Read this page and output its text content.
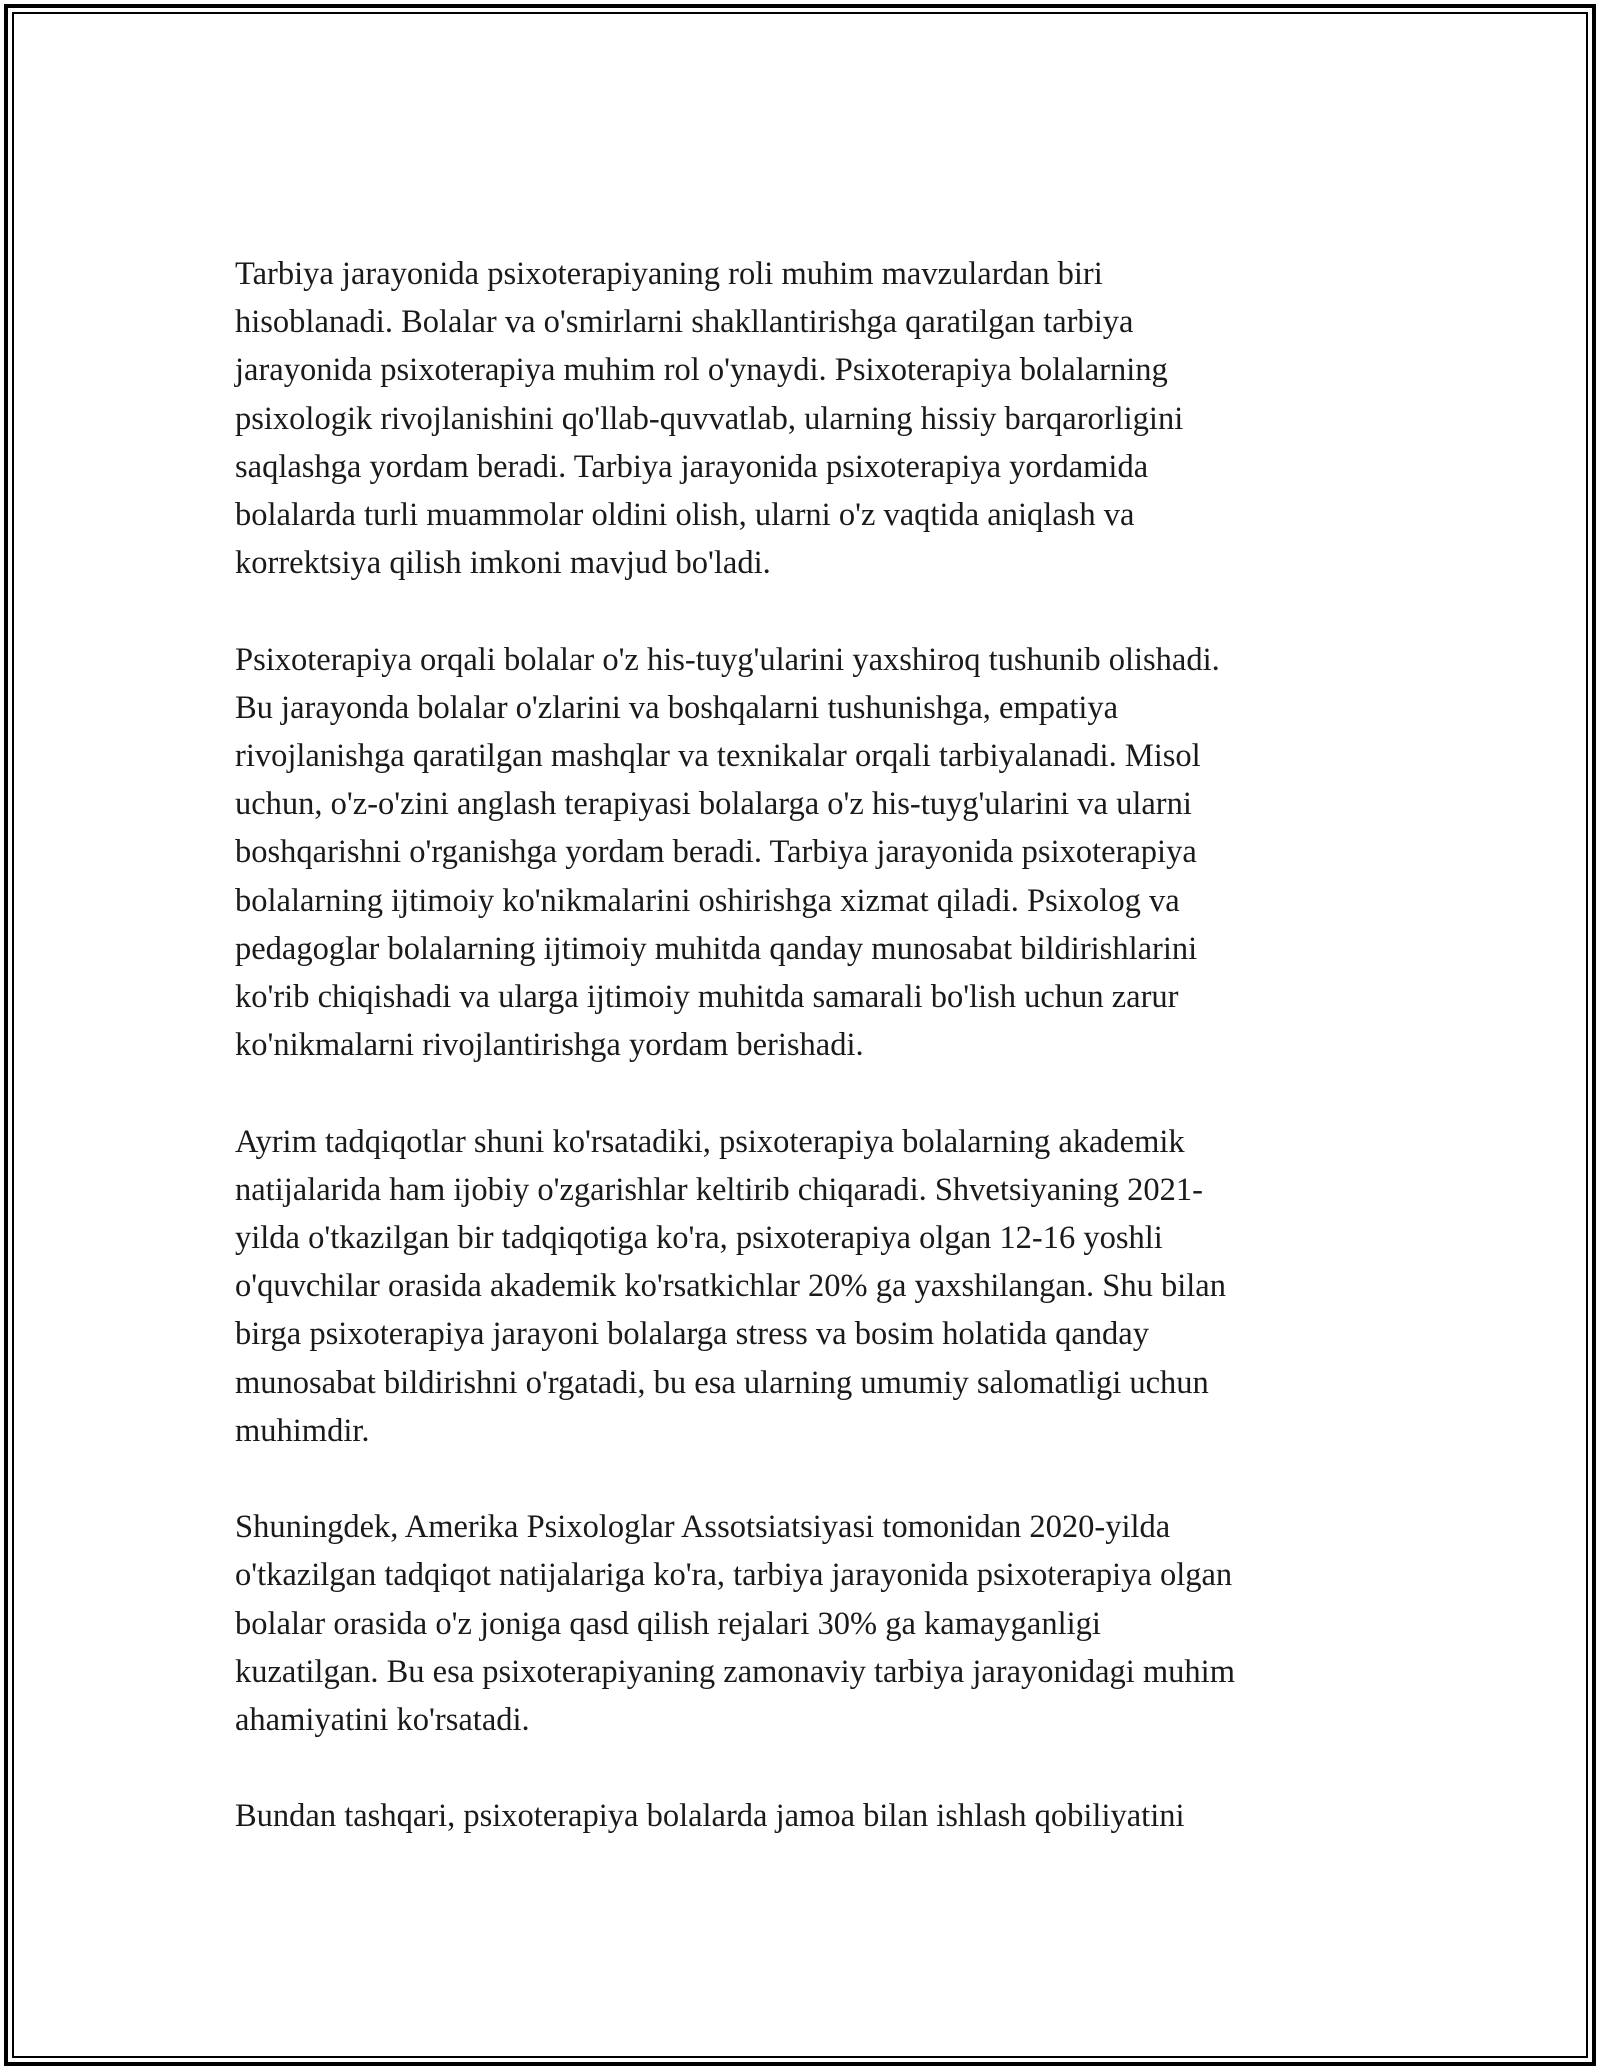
Tarbiya jarayonida psixoterapiyaning roli muhim mavzulardan biri
hisoblanadi. Bolalar va o'smirlarni shakllantirishga qaratilgan tarbiya
jarayonida psixoterapiya muhim rol o'ynaydi. Psixoterapiya bolalarning
psixologik rivojlanishini qo'llab-quvvatlab, ularning hissiy barqarorligini
saqlashga yordam beradi. Tarbiya jarayonida psixoterapiya yordamida
bolalarda turli muammolar oldini olish, ularni o'z vaqtida aniqlash va
korrektsiya qilish imkoni mavjud bo'ladi.
Psixoterapiya orqali bolalar o'z his-tuyg'ularini yaxshiroq tushunib olishadi.
Bu jarayonda bolalar o'zlarini va boshqalarni tushunishga, empatiya
rivojlanishga qaratilgan mashqlar va texnikalar orqali tarbiyalanadi. Misol
uchun, o'z-o'zini anglash terapiyasi bolalarga o'z his-tuyg'ularini va ularni
boshqarishni o'rganishga yordam beradi. Tarbiya jarayonida psixoterapiya
bolalarning ijtimoiy ko'nikmalarini oshirishga xizmat qiladi. Psixolog va
pedagoglar bolalarning ijtimoiy muhitda qanday munosabat bildirishlarini
ko'rib chiqishadi va ularga ijtimoiy muhitda samarali bo'lish uchun zarur
ko'nikmalarni rivojlantirishga yordam berishadi.
Ayrim tadqiqotlar shuni ko'rsatadiki, psixoterapiya bolalarning akademik
natijalarida ham ijobiy o'zgarishlar keltirib chiqaradi. Shvetsiyaning 2021-
yilda o'tkazilgan bir tadqiqotiga ko'ra, psixoterapiya olgan 12-16 yoshli
o'quvchilar orasida akademik ko'rsatkichlar 20% ga yaxshilangan. Shu bilan
birga psixoterapiya jarayoni bolalarga stress va bosim holatida qanday
munosabat bildirishni o'rgatadi, bu esa ularning umumiy salomatligi uchun
muhimdir.
Shuningdek, Amerika Psixologlar Assotsiatsiyasi tomonidan 2020-yilda
o'tkazilgan tadqiqot natijalariga ko'ra, tarbiya jarayonida psixoterapiya olgan
bolalar orasida o'z joniga qasd qilish rejalari 30% ga kamayganligi
kuzatilgan. Bu esa psixoterapiyaning zamonaviy tarbiya jarayonidagi muhim
ahamiyatini ko'rsatadi.
Bundan tashqari, psixoterapiya bolalarda jamoa bilan ishlash qobiliyatini
